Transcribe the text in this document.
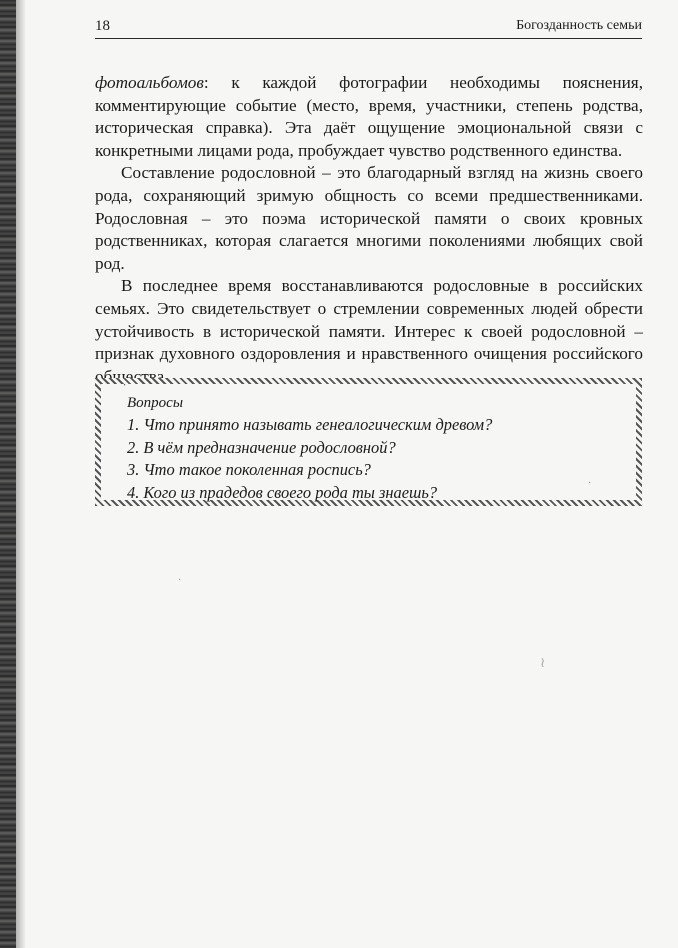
18	Богозданность семьи

фотоальбомов: к каждой фотографии необходимы пояснения, комментирующие событие (место, время, участники, степень родства, историческая справка). Эта даёт ощущение эмоциональной связи с конкретными лицами рода, пробуждает чувство родственного единства.

Составление родословной – это благодарный взгляд на жизнь своего рода, сохраняющий зримую общность со всеми предшественниками. Родословная – это поэма исторической памяти о своих кровных родственниках, которая слагается многими поколениями любящих свой род.

В последнее время восстанавливаются родословные в российских семьях. Это свидетельствует о стремлении современных людей обрести устойчивость в исторической памяти. Интерес к своей родословной – признак духовного оздоровления и нравственного очищения российского общества.

Вопросы
1. Что принято называть генеалогическим древом?
2. В чём предназначение родословной?
3. Что такое поколенная роспись?
4. Кого из прадедов своего рода ты знаешь?	·
≀
·
